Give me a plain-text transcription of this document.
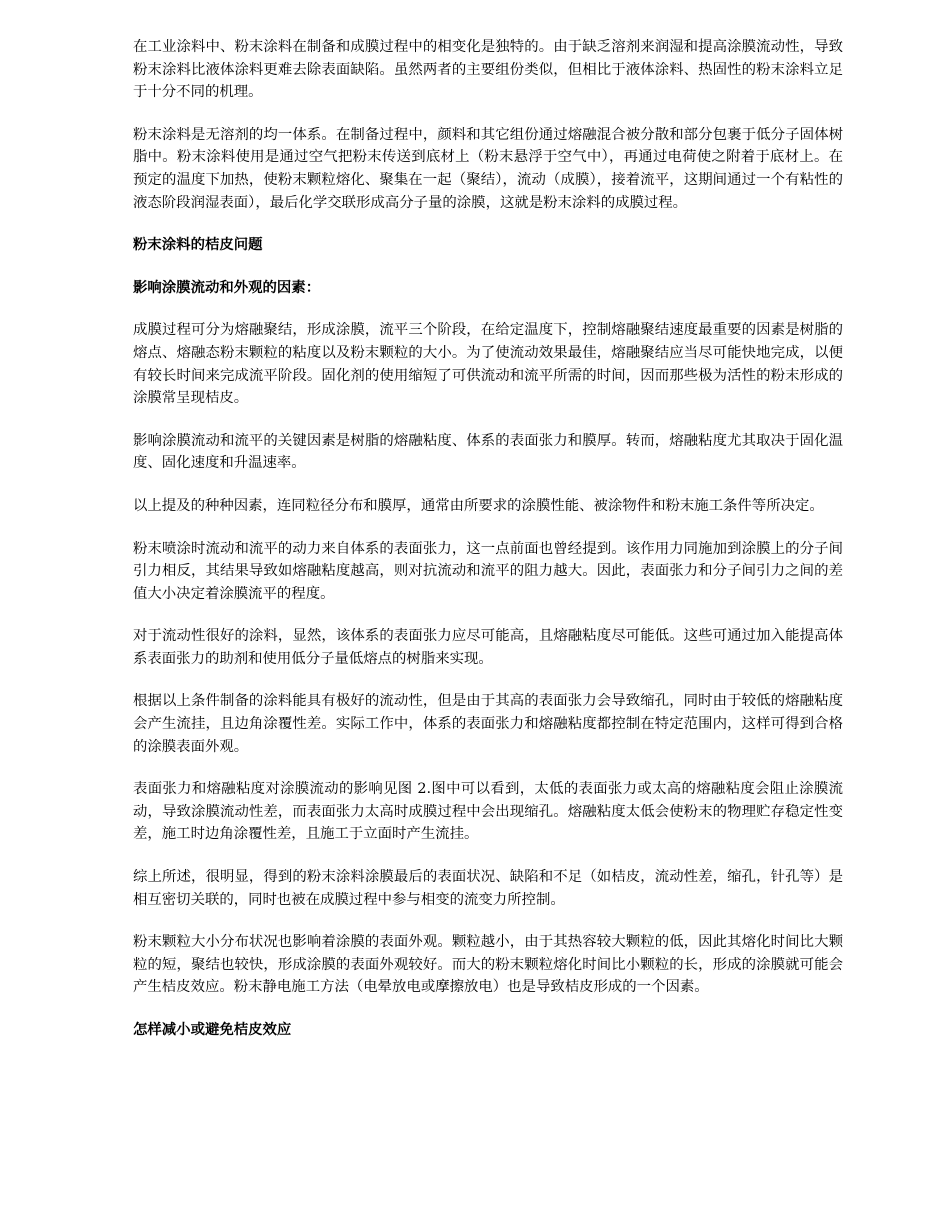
在工业涂料中、粉末涂料在制备和成膜过程中的相变化是独特的。由于缺乏溶剂来润湿和提高涂膜流动性，导致粉末涂料比液体涂料更难去除表面缺陷。虽然两者的主要组份类似，但相比于液体涂料、热固性的粉末涂料立足于十分不同的机理。

粉末涂料是无溶剂的均一体系。在制备过程中，颜料和其它组份通过熔融混合被分散和部分包裹于低分子固体树脂中。粉末涂料使用是通过空气把粉末传送到底材上（粉末悬浮于空气中），再通过电荷使之附着于底材上。在预定的温度下加热，使粉末颗粒熔化、聚集在一起（聚结），流动（成膜），接着流平，这期间通过一个有粘性的液态阶段润湿表面），最后化学交联形成高分子量的涂膜，这就是粉末涂料的成膜过程。

粉末涂料的桔皮问题

影响涂膜流动和外观的因素：

成膜过程可分为熔融聚结，形成涂膜，流平三个阶段，在给定温度下，控制熔融聚结速度最重要的因素是树脂的熔点、熔融态粉末颗粒的粘度以及粉末颗粒的大小。为了使流动效果最佳，熔融聚结应当尽可能快地完成，以便有较长时间来完成流平阶段。固化剂的使用缩短了可供流动和流平所需的时间，因而那些极为活性的粉末形成的涂膜常呈现桔皮。

影响涂膜流动和流平的关键因素是树脂的熔融粘度、体系的表面张力和膜厚。转而，熔融粘度尤其取决于固化温度、固化速度和升温速率。

以上提及的种种因素，连同粒径分布和膜厚，通常由所要求的涂膜性能、被涂物件和粉末施工条件等所决定。

粉末喷涂时流动和流平的动力来自体系的表面张力，这一点前面也曾经提到。该作用力同施加到涂膜上的分子间引力相反，其结果导致如熔融粘度越高，则对抗流动和流平的阻力越大。因此，表面张力和分子间引力之间的差值大小决定着涂膜流平的程度。

对于流动性很好的涂料，显然，该体系的表面张力应尽可能高，且熔融粘度尽可能低。这些可通过加入能提高体系表面张力的助剂和使用低分子量低熔点的树脂来实现。

根据以上条件制备的涂料能具有极好的流动性，但是由于其高的表面张力会导致缩孔，同时由于较低的熔融粘度会产生流挂，且边角涂覆性差。实际工作中，体系的表面张力和熔融粘度都控制在特定范围内，这样可得到合格的涂膜表面外观。

表面张力和熔融粘度对涂膜流动的影响见图 2.图中可以看到，太低的表面张力或太高的熔融粘度会阻止涂膜流动，导致涂膜流动性差，而表面张力太高时成膜过程中会出现缩孔。熔融粘度太低会使粉末的物理贮存稳定性变差，施工时边角涂覆性差，且施工于立面时产生流挂。

综上所述，很明显，得到的粉末涂料涂膜最后的表面状况、缺陷和不足（如桔皮，流动性差，缩孔，针孔等）是相互密切关联的，同时也被在成膜过程中参与相变的流变力所控制。

粉末颗粒大小分布状况也影响着涂膜的表面外观。颗粒越小，由于其热容较大颗粒的低，因此其熔化时间比大颗粒的短，聚结也较快，形成涂膜的表面外观较好。而大的粉末颗粒熔化时间比小颗粒的长，形成的涂膜就可能会产生桔皮效应。粉末静电施工方法（电晕放电或摩擦放电）也是导致桔皮形成的一个因素。

怎样减小或避免桔皮效应
